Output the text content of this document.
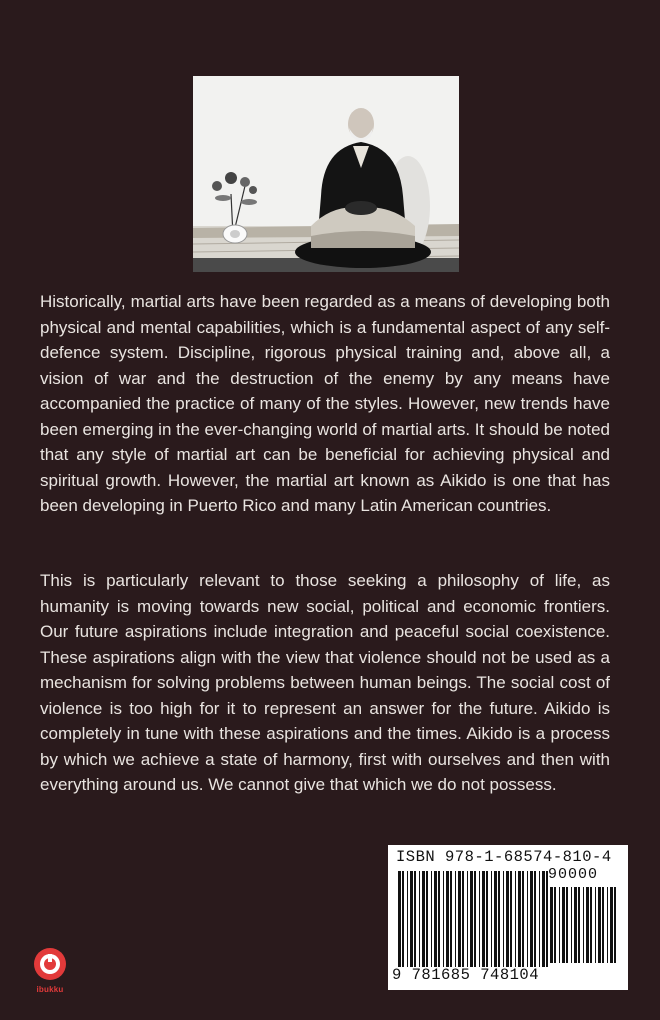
Historically, martial arts have been regarded as a means of developing both physical and mental capabilities, which is a fundamental aspect of any self-defence system. Discipline, rigorous physical training and, above all, a vision of war and the destruction of the enemy by any means have accompanied the practice of many of the styles. However, new trends have been emerging in the ever-changing world of martial arts. It should be noted that any style of martial art can be beneficial for achieving physical and spiritual growth. However, the martial art known as Aikido is one that has been developing in Puerto Rico and many Latin American countries.

This is particularly relevant to those seeking a philosophy of life, as humanity is moving towards new social, political and economic frontiers. Our future aspirations include integration and peaceful social coexistence. These aspirations align with the view that violence should not be used as a mechanism for solving problems between human beings. The social cost of violence is too high for it to represent an answer for the future. Aikido is completely in tune with these aspirations and the times. Aikido is a process by which we achieve a state of harmony, first with ourselves and then with everything around us. We cannot give that which we do not possess.

ISBN 978-1-68574-810-4
90000
9 781685 748104
ibukku
